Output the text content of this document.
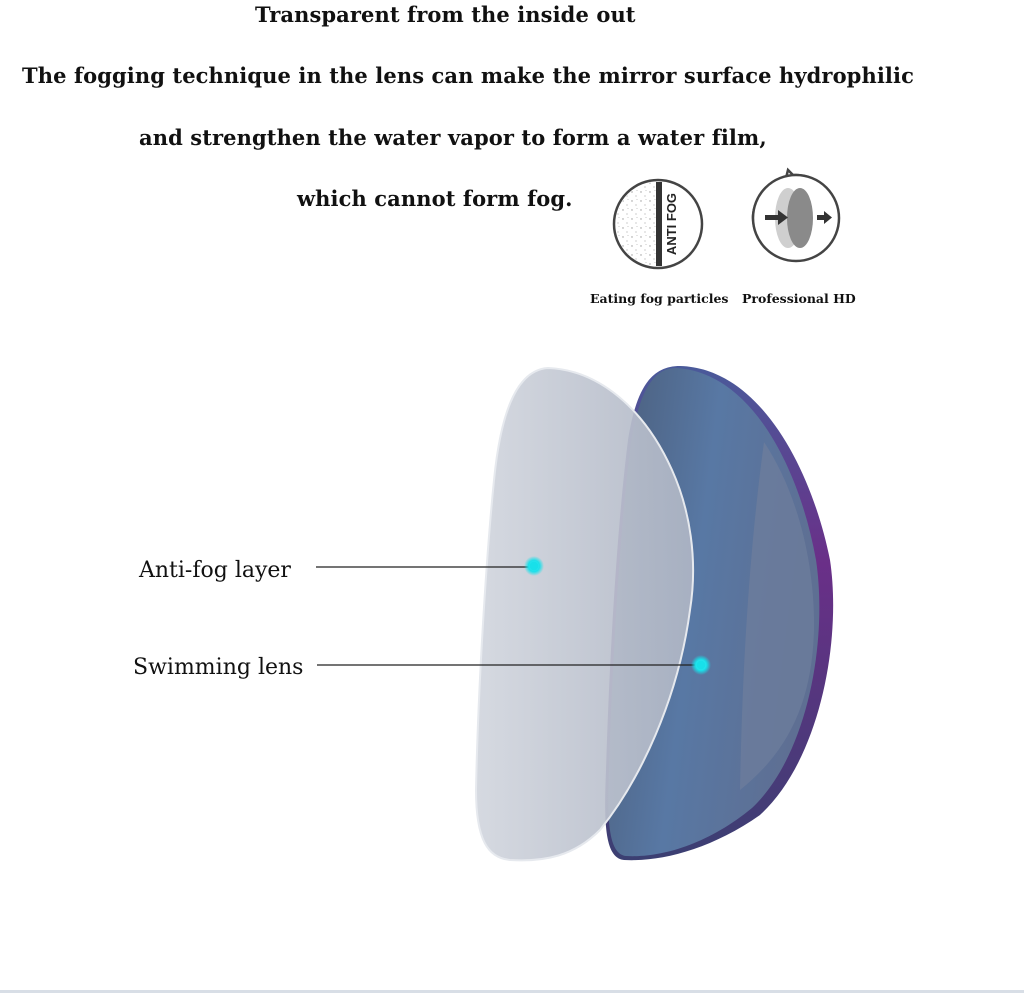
Transparent from the inside out
The fogging technique in the lens can make the mirror surface hydrophilic
and strengthen the water vapor to form a water film,
which cannot form fog.	ANTI FOG
Eating fog particles Professional HD
Anti-fog layer
Swimming lens
